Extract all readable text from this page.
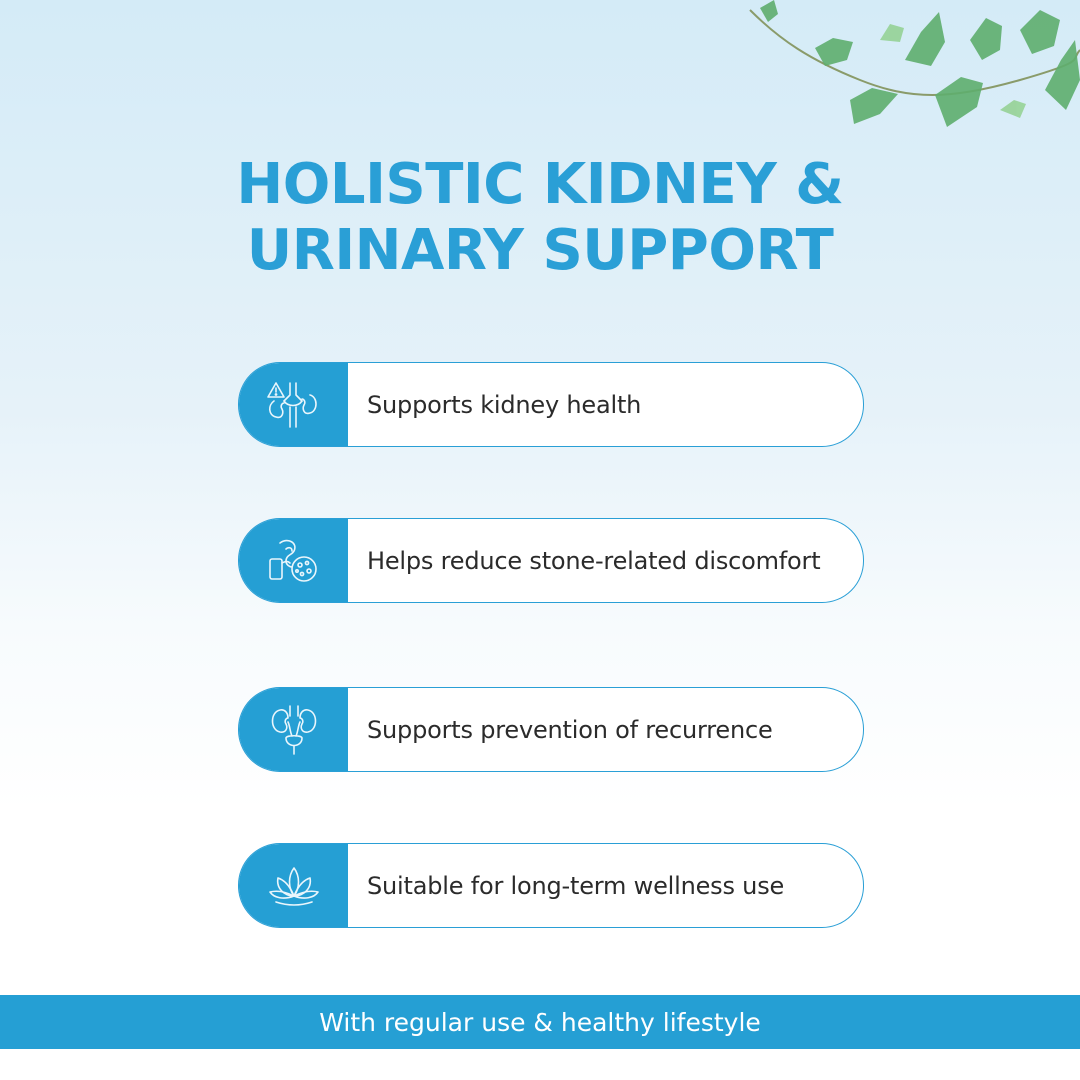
HOLISTIC KIDNEY &
URINARY SUPPORT
Supports kidney health
Helps reduce stone-related discomfort
Supports prevention of recurrence
Suitable for long-term wellness use
With regular use & healthy lifestyle
